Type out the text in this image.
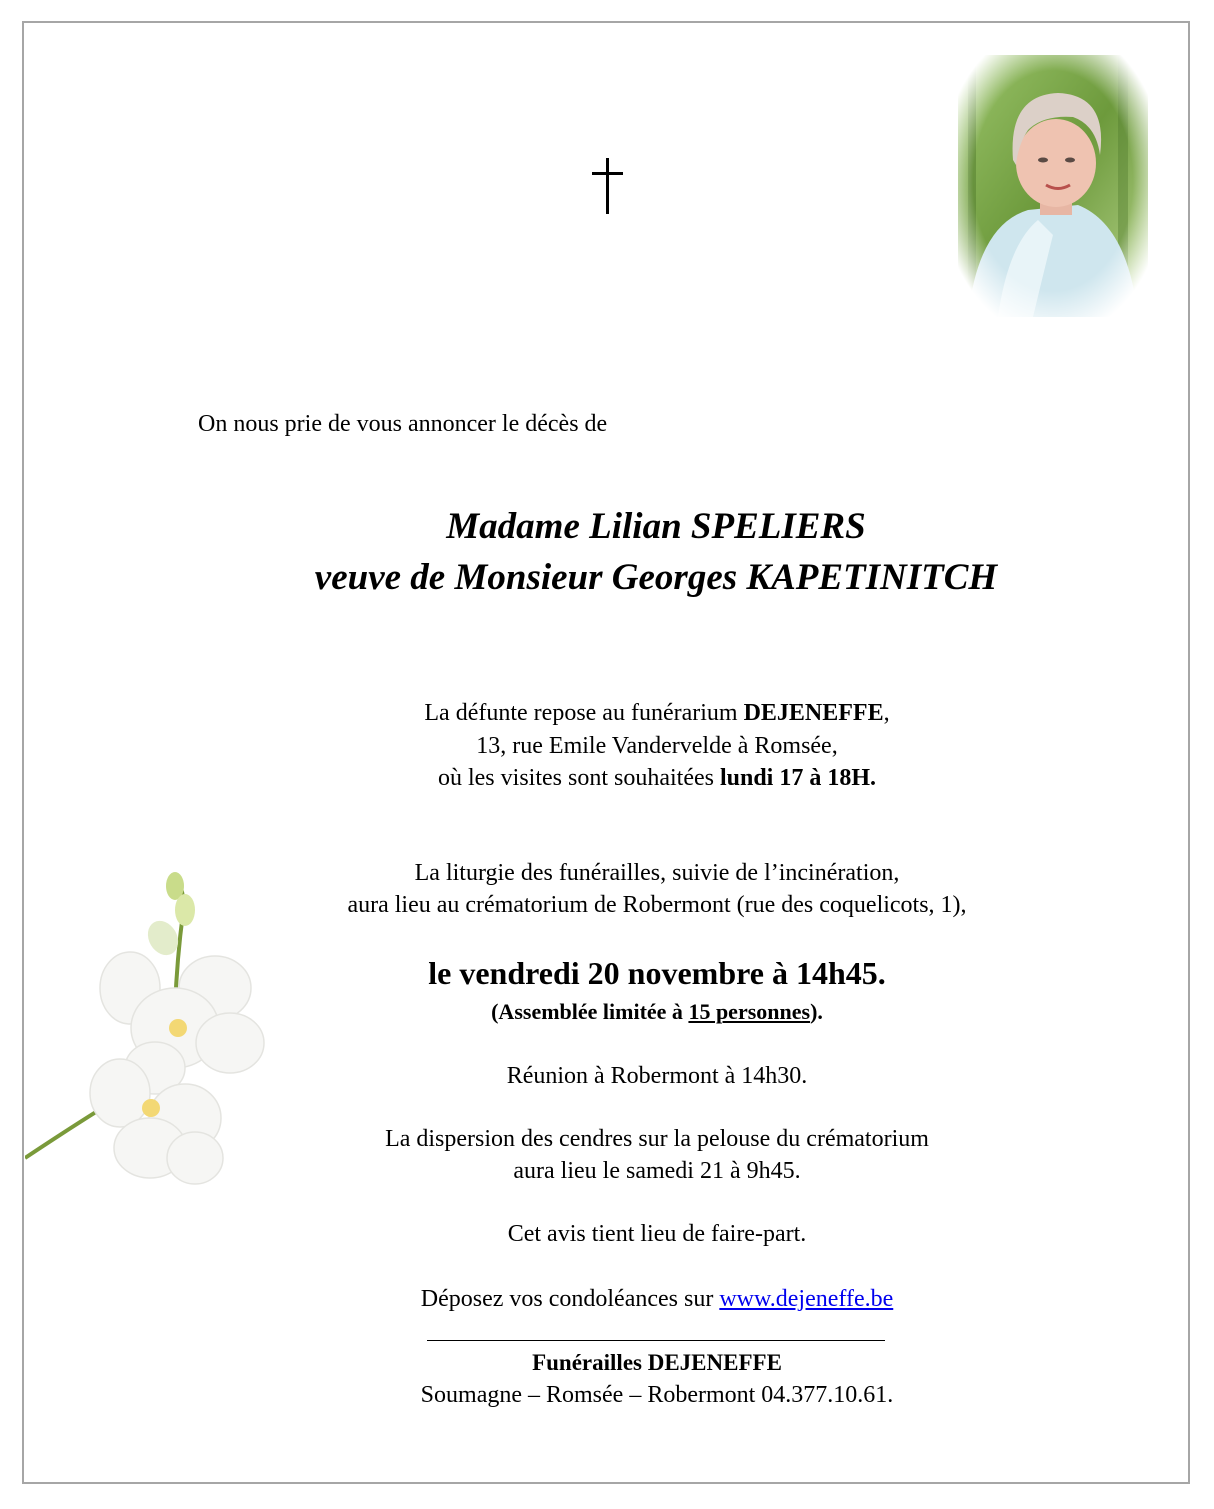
On nous prie de vous annoncer le décès de
Madame Lilian SPELIERS
veuve de Monsieur Georges KAPETINITCH
La défunte repose au funérarium DEJENEFFE,
13, rue Emile Vandervelde à Romsée,
où les visites sont souhaitées lundi 17 à 18H.
La liturgie des funérailles, suivie de l’incinération,
aura lieu au crématorium de Robermont (rue des coquelicots, 1),
le vendredi 20 novembre à 14h45.
(Assemblée limitée à 15 personnes).
Réunion à Robermont à 14h30.
La dispersion des cendres sur la pelouse du crématorium
aura lieu le samedi 21 à 9h45.
Cet avis tient lieu de faire-part.
Déposez vos condoléances sur www.dejeneffe.be
Funérailles DEJENEFFE
Soumagne – Romsée – Robermont 04.377.10.61.
